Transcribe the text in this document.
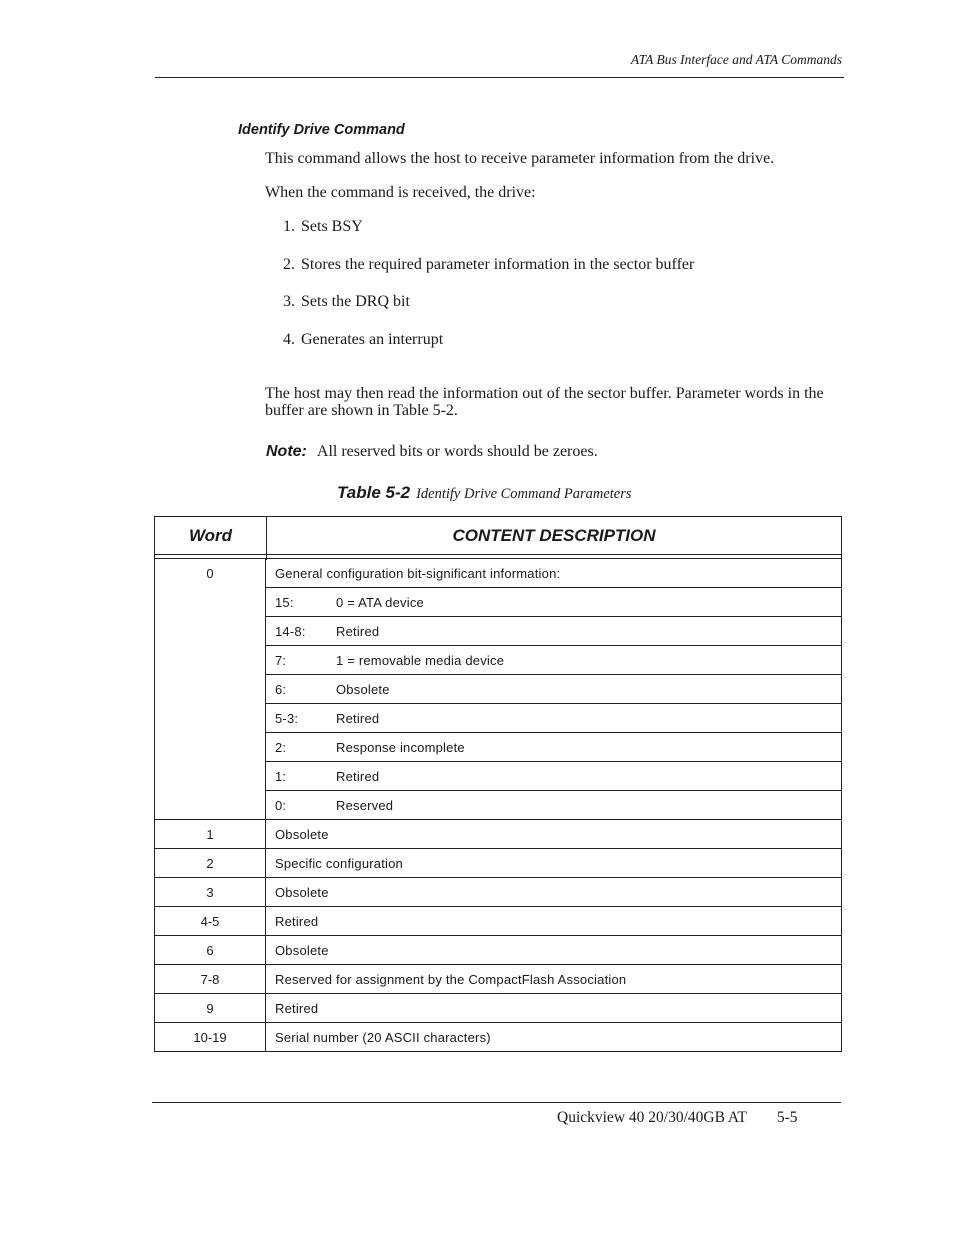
ATA Bus Interface and ATA Commands
Identify Drive Command
This command allows the host to receive parameter information from the drive.
When the command is received, the drive:
1. Sets BSY
2. Stores the required parameter information in the sector buffer
3. Sets the DRQ bit
4. Generates an interrupt
The host may then read the information out of the sector buffer. Parameter words in the buffer are shown in Table 5-2.
Note: All reserved bits or words should be zeroes.
Table 5-2 Identify Drive Command Parameters
Word	CONTENT DESCRIPTION
0	General configuration bit-significant information:
15:	0 = ATA device
14-8: Retired
7:	1 = removable media device
6:	Obsolete
5-3:	Retired
2:	Response incomplete
1:	Retired
0:	Reserved
1	Obsolete
2	Specific configuration
3	Obsolete
4-5	Retired
6	Obsolete
7-8	Reserved for assignment by the CompactFlash Association
9	Retired
10-19	Serial number (20 ASCII characters)
Quickview 40 20/30/40GB AT 5-5
